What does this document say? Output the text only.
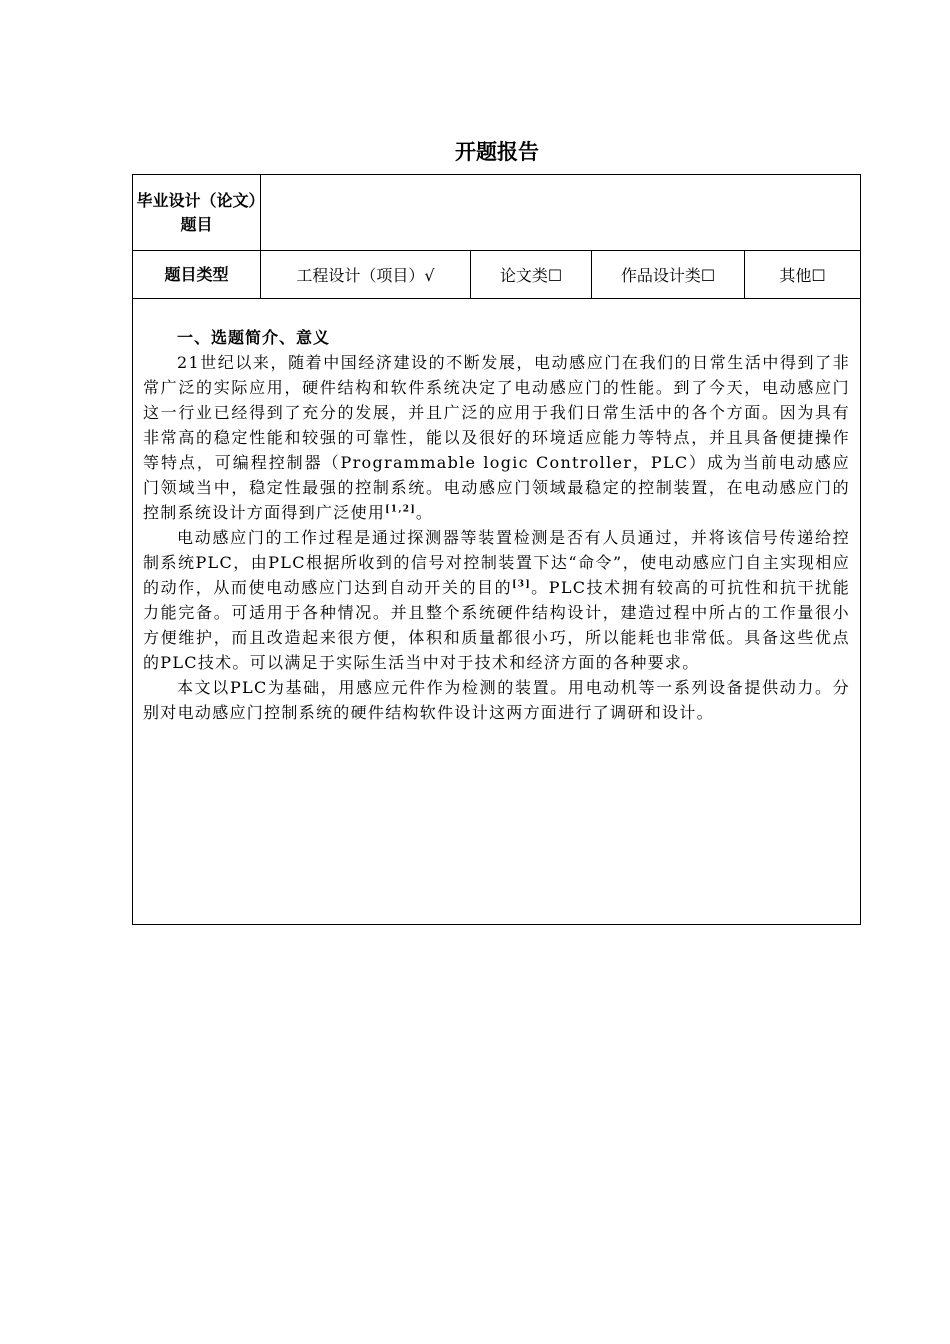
开题报告
毕业设计（论文）题目				
题目类型	工程设计（项目）√	论文类☐	作品设计类☐	其他☐

一、选题简介、意义

21世纪以来，随着中国经济建设的不断发展，电动感应门在我们的日常生活中得到了非常广泛的实际应用，硬件结构和软件系统决定了电动感应门的性能。到了今天，电动感应门这一行业已经得到了充分的发展，并且广泛的应用于我们日常生活中的各个方面。因为具有非常高的稳定性能和较强的可靠性，能以及很好的环境适应能力等特点，并且具备便捷操作等特点，可编程控制器（Programmable logic Controller，PLC）成为当前电动感应门领域当中，稳定性最强的控制系统。电动感应门领域最稳定的控制装置，在电动感应门的控制系统设计方面得到广泛使用[1,2]。

电动感应门的工作过程是通过探测器等装置检测是否有人员通过，并将该信号传递给控制系统PLC，由PLC根据所收到的信号对控制装置下达“命令”，使电动感应门自主实现相应的动作，从而使电动感应门达到自动开关的目的[3]。PLC技术拥有较高的可抗性和抗干扰能力能完备。可适用于各种情况。并且整个系统硬件结构设计，建造过程中所占的工作量很小方便维护，而且改造起来很方便，体积和质量都很小巧，所以能耗也非常低。具备这些优点的PLC技术。可以满足于实际生活当中对于技术和经济方面的各种要求。

本文以PLC为基础，用感应元件作为检测的装置。用电动机等一系列设备提供动力。分别对电动感应门控制系统的硬件结构软件设计这两方面进行了调研和设计。				
